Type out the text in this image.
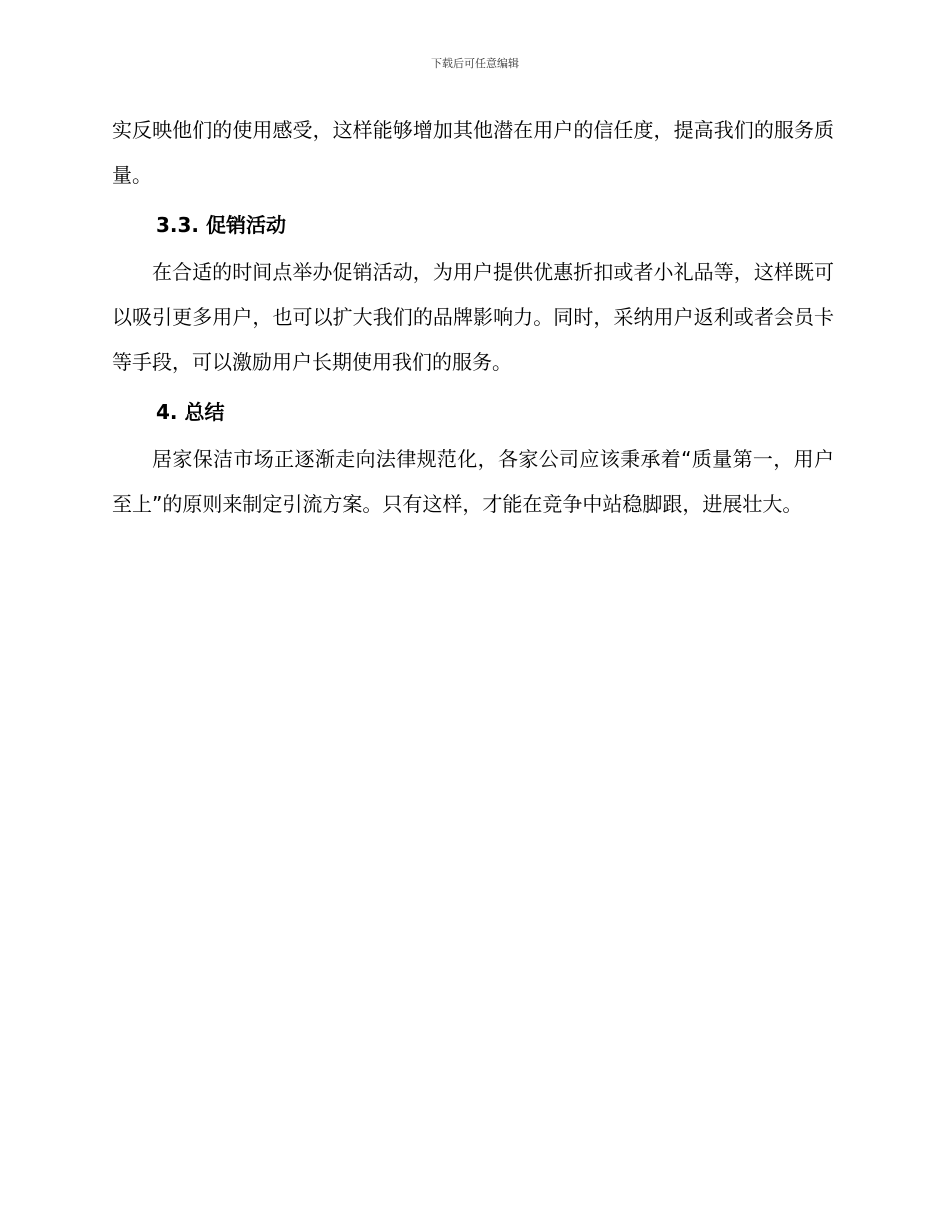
下载后可任意编辑

实反映他们的使用感受，这样能够增加其他潜在用户的信任度，提高我们的服务质量。

3.3. 促销活动

在合适的时间点举办促销活动，为用户提供优惠折扣或者小礼品等，这样既可以吸引更多用户，也可以扩大我们的品牌影响力。同时，采纳用户返利或者会员卡等手段，可以激励用户长期使用我们的服务。

4. 总结

居家保洁市场正逐渐走向法律规范化，各家公司应该秉承着“质量第一，用户至上”的原则来制定引流方案。只有这样，才能在竞争中站稳脚跟，进展壮大。
